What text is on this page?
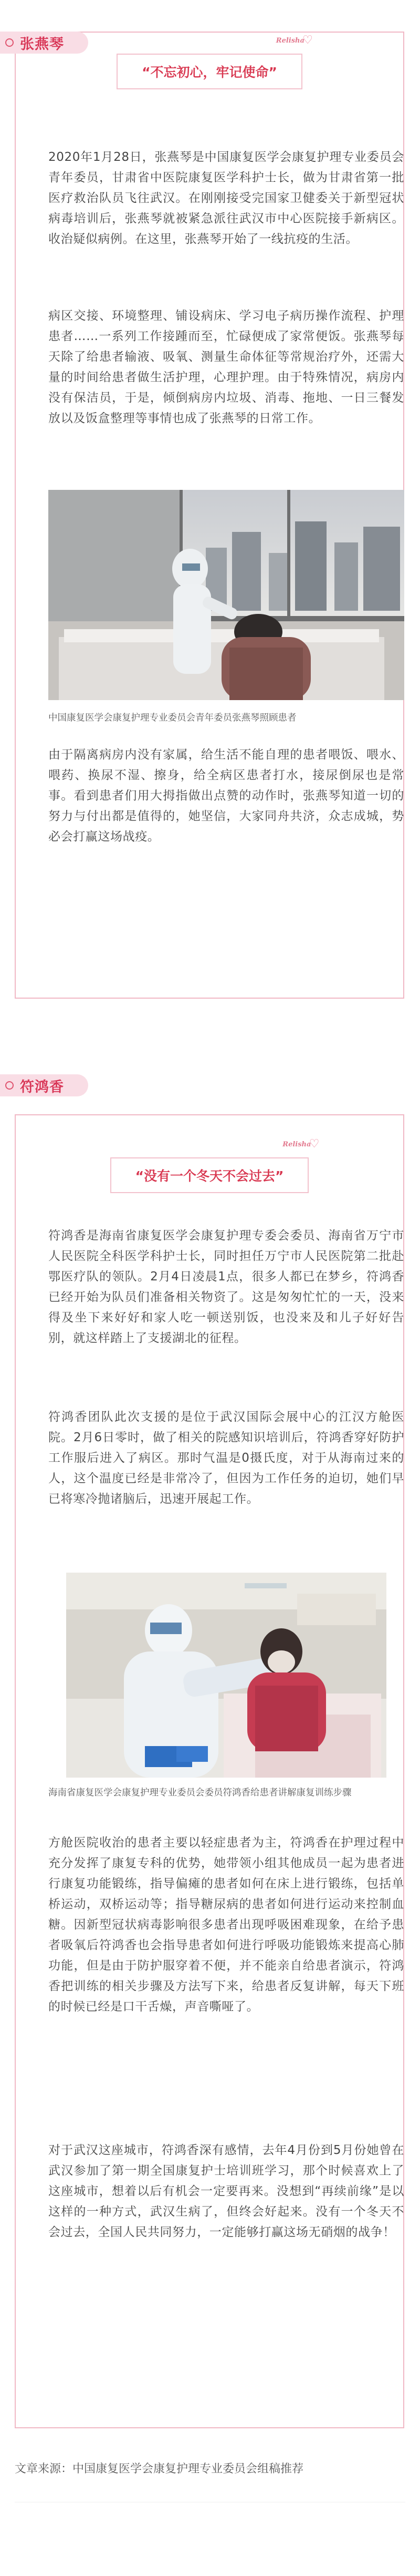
♡
Relisha
“不忘初心，牢记使命”

2020年1月28日，张燕琴是中国康复医学会康复护理专业委员会青年委员，甘肃省中医院康复医学科护士长，做为甘肃省第一批医疗救治队员飞往武汉。在刚刚接受完国家卫健委关于新型冠状病毒培训后，张燕琴就被紧急派往武汉市中心医院接手新病区。收治疑似病例。在这里，张燕琴开始了一线抗疫的生活。

病区交接、环境整理、铺设病床、学习电子病历操作流程、护理患者……一系列工作接踵而至，忙碌便成了家常便饭。张燕琴每天除了给患者输液、吸氧、测量生命体征等常规治疗外，还需大量的时间给患者做生活护理，心理护理。由于特殊情况，病房内没有保洁员，于是，倾倒病房内垃圾、消毒、拖地、一日三餐发放以及饭盒整理等事情也成了张燕琴的日常工作。

中国康复医学会康复护理专业委员会青年委员张燕琴照顾患者

由于隔离病房内没有家属，给生活不能自理的患者喂饭、喂水、喂药、换尿不湿、擦身，给全病区患者打水，接尿倒尿也是常事。看到患者们用大拇指做出点赞的动作时，张燕琴知道一切的努力与付出都是值得的，她坚信，大家同舟共济，众志成城，势必会打赢这场战疫。

张燕琴
♡
Relisha
“没有一个冬天不会过去”

符鸿香是海南省康复医学会康复护理专委会委员、海南省万宁市人民医院全科医学科护士长，同时担任万宁市人民医院第二批赴鄂医疗队的领队。2月4日凌晨1点，很多人都已在梦乡，符鸿香已经开始为队员们准备相关物资了。这是匆匆忙忙的一天，没来得及坐下来好好和家人吃一顿送别饭，也没来及和儿子好好告别，就这样踏上了支援湖北的征程。

符鸿香团队此次支援的是位于武汉国际会展中心的江汉方舱医院。2月6日零时，做了相关的院感知识培训后，符鸿香穿好防护工作服后进入了病区。那时气温是0摄氏度，对于从海南过来的人，这个温度已经是非常冷了，但因为工作任务的迫切，她们早已将寒冷抛诸脑后，迅速开展起工作。

海南省康复医学会康复护理专业委员会委员符鸿香给患者讲解康复训练步骤

方舱医院收治的患者主要以轻症患者为主，符鸿香在护理过程中充分发挥了康复专科的优势，她带领小组其他成员一起为患者进行康复功能锻练，指导偏瘫的患者如何在床上进行锻练，包括单桥运动，双桥运动等；指导糖尿病的患者如何进行运动来控制血糖。因新型冠状病毒影响很多患者出现呼吸困难现象，在给予患者吸氧后符鸿香也会指导患者如何进行呼吸功能锻炼来提高心肺功能，但是由于防护服穿着不便，并不能亲自给患者演示，符鸿香把训练的相关步骤及方法写下来，给患者反复讲解，每天下班的时候已经是口干舌燥，声音嘶哑了。

对于武汉这座城市，符鸿香深有感情，去年4月份到5月份她曾在武汉参加了第一期全国康复护士培训班学习，那个时候喜欢上了这座城市，想着以后有机会一定要再来。没想到“再续前缘”是以这样的一种方式，武汉生病了，但终会好起来。没有一个冬天不会过去，全国人民共同努力，一定能够打赢这场无硝烟的战争！

符鸿香
文章来源：中国康复医学会康复护理专业委员会组稿推荐
